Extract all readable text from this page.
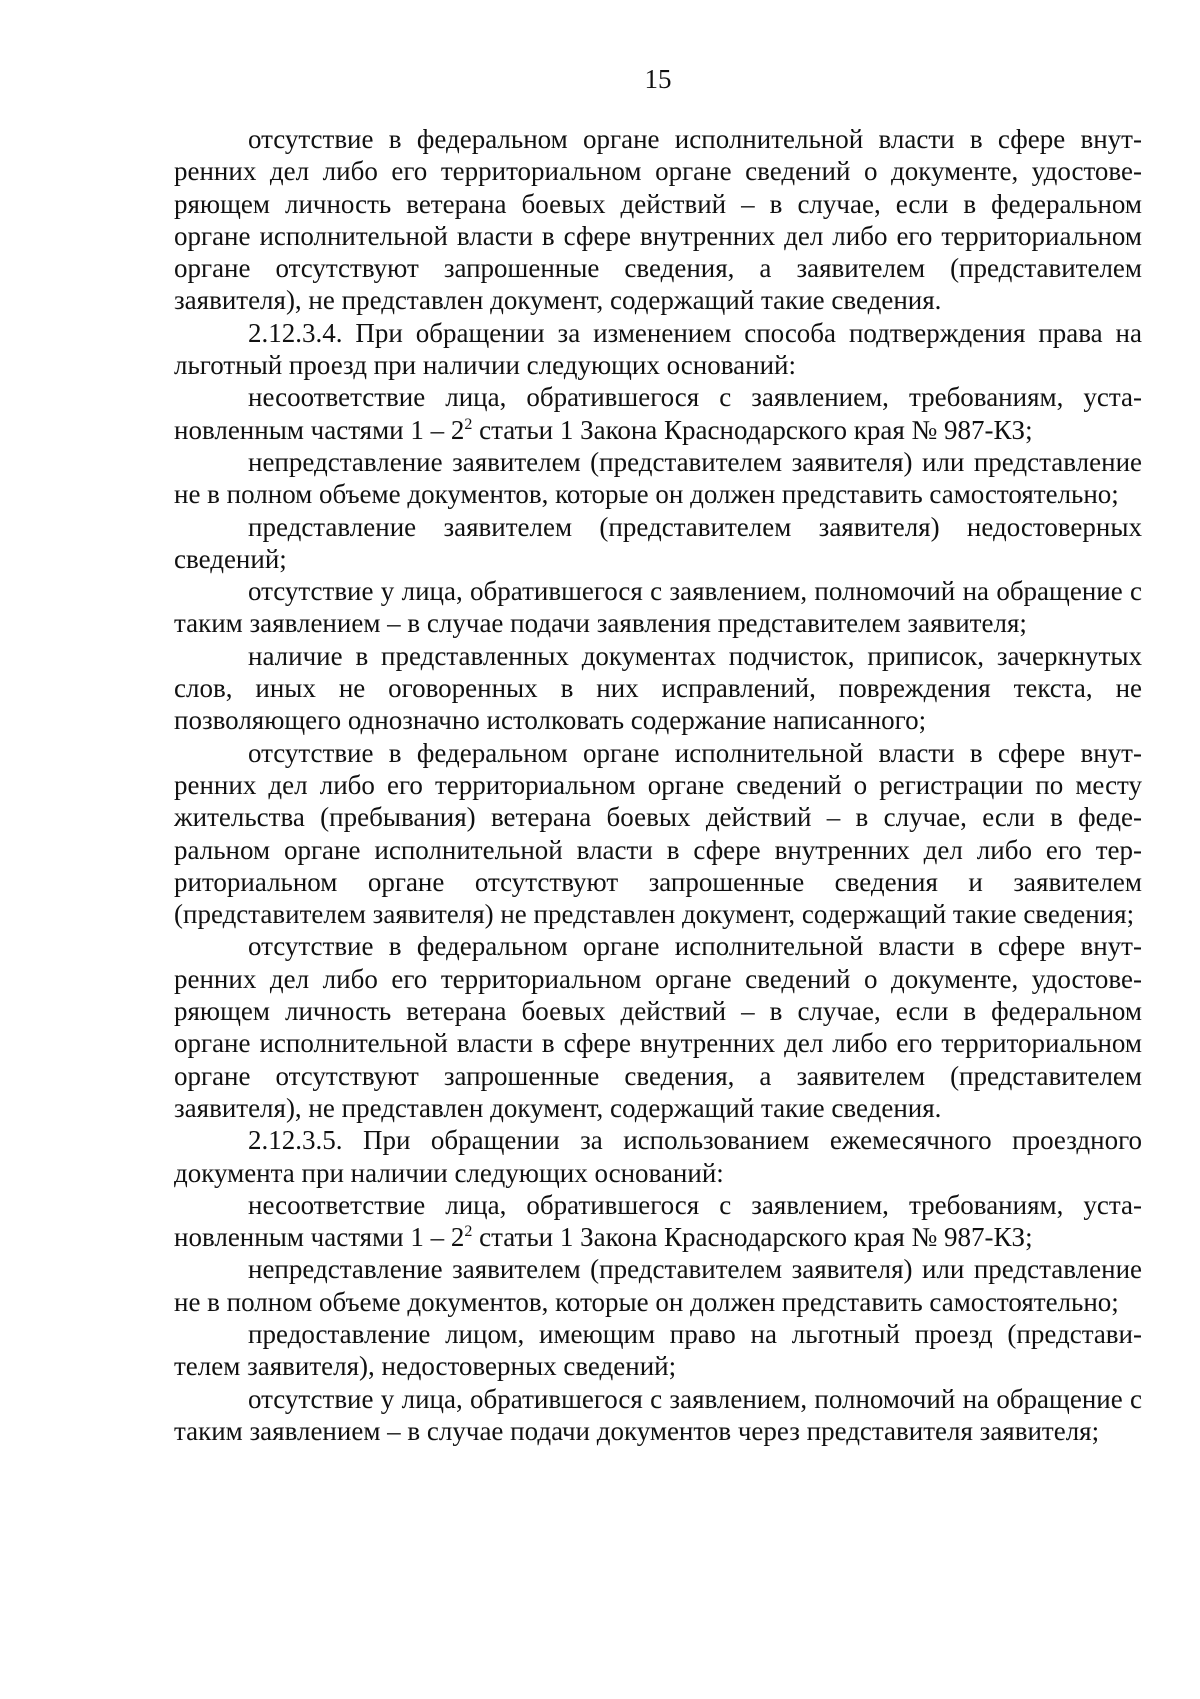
15

отсутствие в федеральном органе исполнительной власти в сфере внутренних дел либо его территориальном органе сведений о документе, удостоверяющем личность ветерана боевых действий – в случае, если в федеральном органе исполнительной власти в сфере внутренних дел либо его территориальном органе отсутствуют запрошенные сведения, а заявителем (представителем заявителя), не представлен документ, содержащий такие сведения.

2.12.3.4. При обращении за изменением способа подтверждения права на льготный проезд при наличии следующих оснований:

несоответствие лица, обратившегося с заявлением, требованиям, установленным частями $1 - 2^2$ статьи 1 Закона Краснодарского края № 987-КЗ;

непредставление заявителем (представителем заявителя) или представление не в полном объеме документов, которые он должен представить самостоятельно;

представление заявителем (представителем заявителя) недостоверных сведений;

отсутствие у лица, обратившегося с заявлением, полномочий на обращение с таким заявлением – в случае подачи заявления представителем заявителя;

наличие в представленных документах подчисток, приписок, зачеркнутых слов, иных не оговоренных в них исправлений, повреждения текста, не позволяющего однозначно истолковать содержание написанного;

отсутствие в федеральном органе исполнительной власти в сфере внутренних дел либо его территориальном органе сведений о регистрации по месту жительства (пребывания) ветерана боевых действий – в случае, если в федеральном органе исполнительной власти в сфере внутренних дел либо его территориальном органе отсутствуют запрошенные сведения и заявителем (представителем заявителя) не представлен документ, содержащий такие сведения;

отсутствие в федеральном органе исполнительной власти в сфере внутренних дел либо его территориальном органе сведений о документе, удостоверяющем личность ветерана боевых действий – в случае, если в федеральном органе исполнительной власти в сфере внутренних дел либо его территориальном органе отсутствуют запрошенные сведения, а заявителем (представителем заявителя), не представлен документ, содержащий такие сведения.

2.12.3.5. При обращении за использованием ежемесячного проездного документа при наличии следующих оснований:

несоответствие лица, обратившегося с заявлением, требованиям, установленным частями $1 - 2^2$ статьи 1 Закона Краснодарского края № 987-КЗ;

непредставление заявителем (представителем заявителя) или представление не в полном объеме документов, которые он должен представить самостоятельно;

предоставление лицом, имеющим право на льготный проезд (представителем заявителя), недостоверных сведений;

отсутствие у лица, обратившегося с заявлением, полномочий на обращение с таким заявлением – в случае подачи документов через представителя заявителя;
